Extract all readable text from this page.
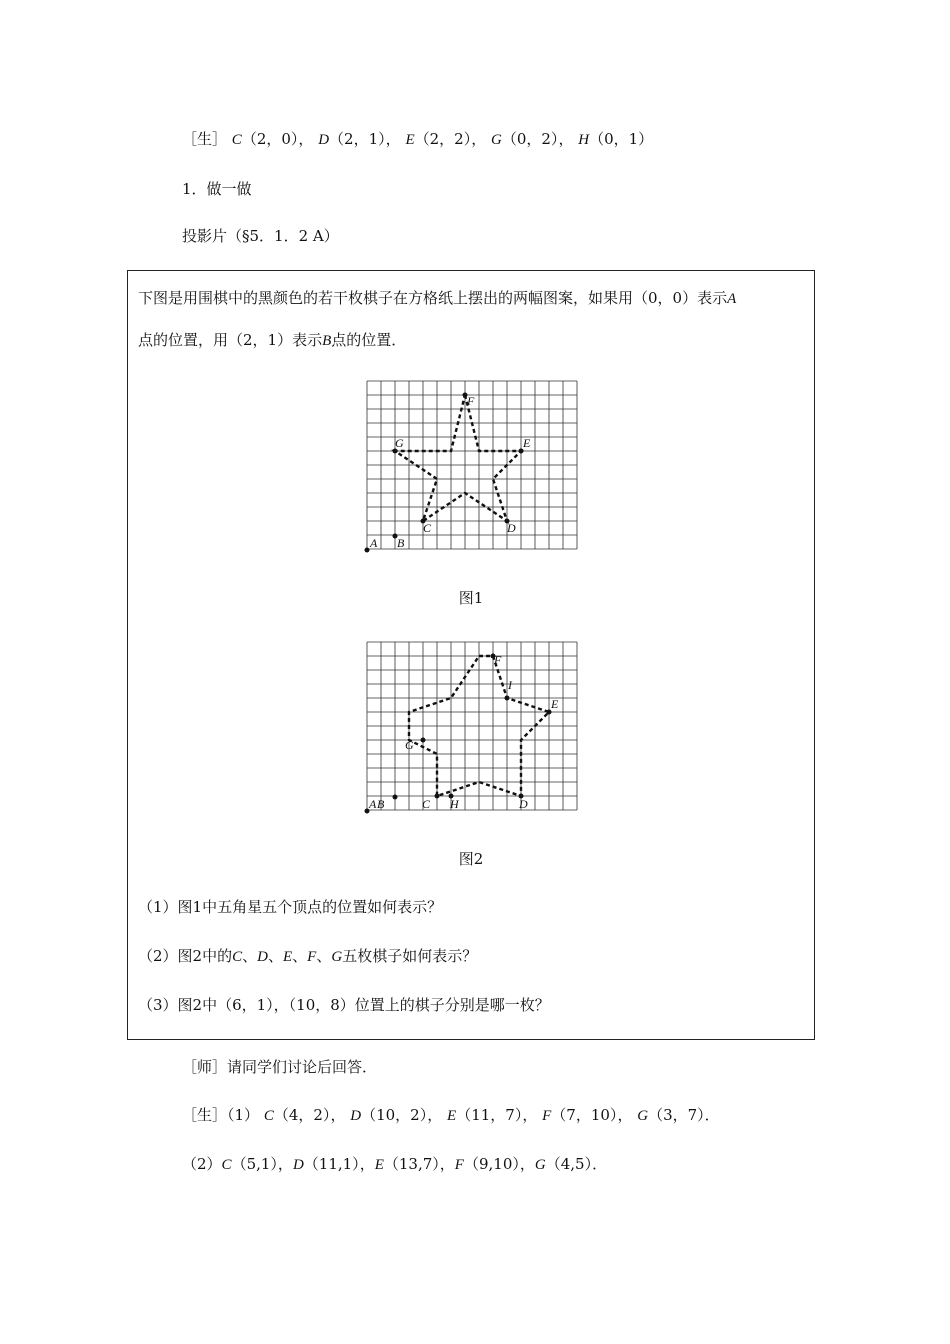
［生］ C（2，0）， D（2，1）， E（2，2）， G（0，2）， H（0，1）
1．做一做
投影片（§5．1．2 A）
下图是用围棋中的黑颜色的若干枚棋子在方格纸上摆出的两幅图案，如果用（0，0）表示A
点的位置，用（2，1）表示B点的位置．
A B
C	D
E
F
G
图1
A B	C H	D
E
F
I
G
图2
（1）图1中五角星五个顶点的位置如何表示？
（2）图2中的C、D、E、F、G五枚棋子如何表示？
（3）图2中（6，1），（10，8）位置上的棋子分别是哪一枚？
［师］请同学们讨论后回答．
［生］（1） C（4，2）， D（10，2）， E（11，7）， F（7，10）， G（3，7）．
（2）C（5,1），D（11,1），E（13,7），F（9,10），G（4,5）．
